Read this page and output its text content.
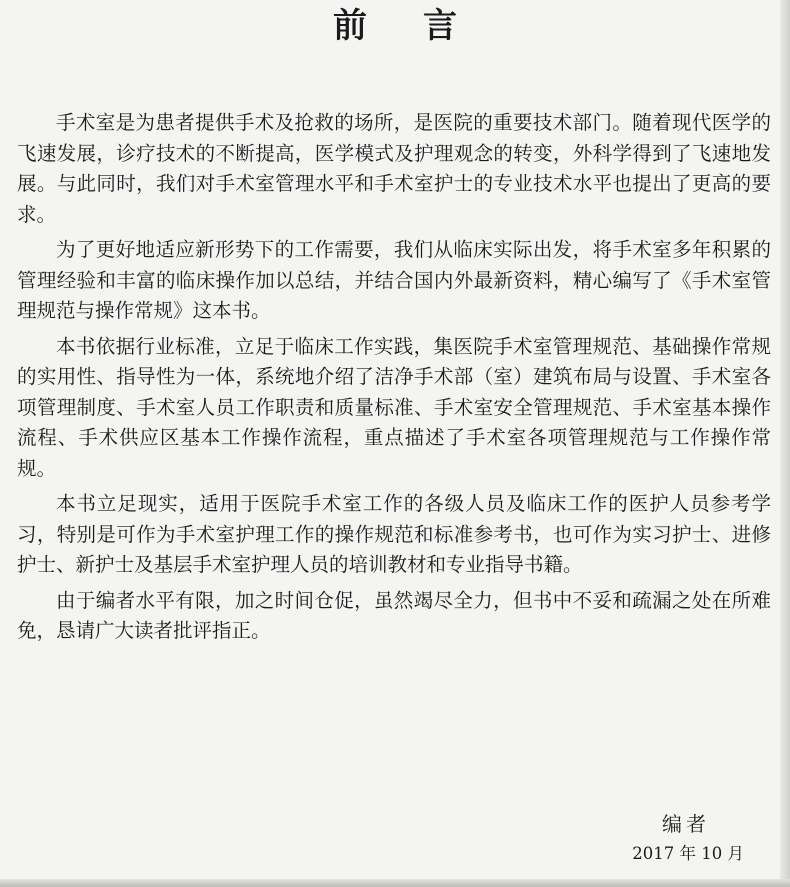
前言

手术室是为患者提供手术及抢救的场所，是医院的重要技术部门。随着现代医学的飞速发展，诊疗技术的不断提高，医学模式及护理观念的转变，外科学得到了飞速地发展。与此同时，我们对手术室管理水平和手术室护士的专业技术水平也提出了更高的要求。

为了更好地适应新形势下的工作需要，我们从临床实际出发，将手术室多年积累的管理经验和丰富的临床操作加以总结，并结合国内外最新资料，精心编写了《手术室管理规范与操作常规》这本书。

本书依据行业标准，立足于临床工作实践，集医院手术室管理规范、基础操作常规的实用性、指导性为一体，系统地介绍了洁净手术部（室）建筑布局与设置、手术室各项管理制度、手术室人员工作职责和质量标准、手术室安全管理规范、手术室基本操作流程、手术供应区基本工作操作流程，重点描述了手术室各项管理规范与工作操作常规。

本书立足现实，适用于医院手术室工作的各级人员及临床工作的医护人员参考学习，特别是可作为手术室护理工作的操作规范和标准参考书，也可作为实习护士、进修护士、新护士及基层手术室护理人员的培训教材和专业指导书籍。

由于编者水平有限，加之时间仓促，虽然竭尽全力，但书中不妥和疏漏之处在所难免，恳请广大读者批评指正。

编者
2017 年 10 月
